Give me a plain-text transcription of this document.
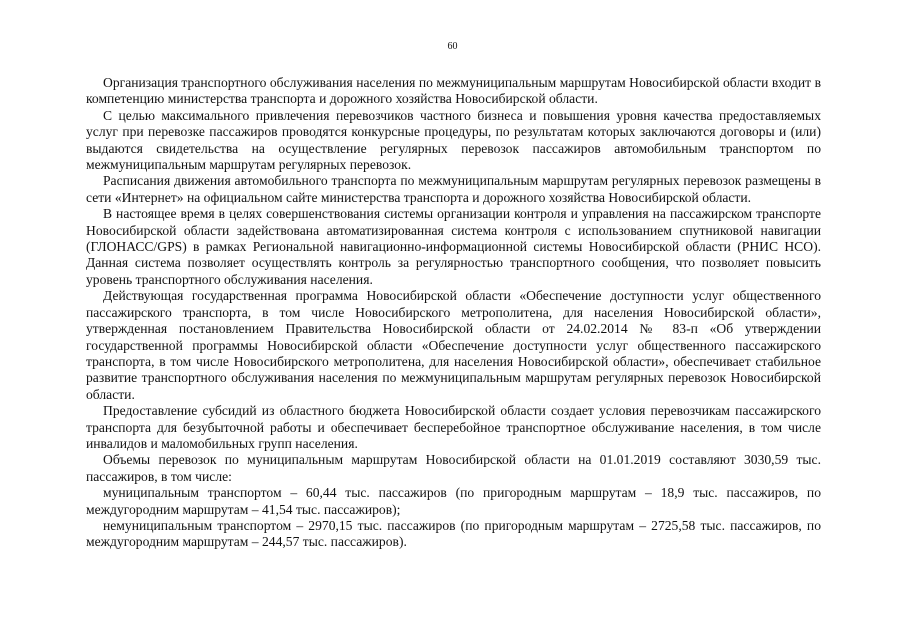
60

Организация транспортного обслуживания населения по межмуниципальным маршрутам Новосибирской области входит в компетенцию министерства транспорта и дорожного хозяйства Новосибирской области.

С целью максимального привлечения перевозчиков частного бизнеса и повышения уровня качества предоставляемых услуг при перевозке пассажиров проводятся конкурсные процедуры, по результатам которых заключаются договоры и (или) выдаются свидетельства на осуществление регулярных перевозок пассажиров автомобильным транспортом по межмуниципальным маршрутам регулярных перевозок.

Расписания движения автомобильного транспорта по межмуниципальным маршрутам регулярных перевозок размещены в сети «Интернет» на официальном сайте министерства транспорта и дорожного хозяйства Новосибирской области.

В настоящее время в целях совершенствования системы организации контроля и управления на пассажирском транспорте Новосибирской области задействована автоматизированная система контроля с использованием спутниковой навигации (ГЛОНАСС/GPS) в рамках Региональной навигационно-информационной системы Новосибирской области (РНИС НСО). Данная система позволяет осуществлять контроль за регулярностью транспортного сообщения, что позволяет повысить уровень транспортного обслуживания населения.

Действующая государственная программа Новосибирской области «Обеспечение доступности услуг общественного пассажирского транспорта, в том числе Новосибирского метрополитена, для населения Новосибирской области», утвержденная постановлением Правительства Новосибирской области от 24.02.2014 № 83-п «Об утверждении государственной программы Новосибирской области «Обеспечение доступности услуг общественного пассажирского транспорта, в том числе Новосибирского метрополитена, для населения Новосибирской области», обеспечивает стабильное развитие транспортного обслуживания населения по межмуниципальным маршрутам регулярных перевозок Новосибирской области.

Предоставление субсидий из областного бюджета Новосибирской области создает условия перевозчикам пассажирского транспорта для безубыточной работы и обеспечивает бесперебойное транспортное обслуживание населения, в том числе инвалидов и маломобильных групп населения.

Объемы перевозок по муниципальным маршрутам Новосибирской области на 01.01.2019 составляют 3030,59 тыс. пассажиров, в том числе:

муниципальным транспортом – 60,44 тыс. пассажиров (по пригородным маршрутам – 18,9 тыс. пассажиров, по междугородним маршрутам – 41,54 тыс. пассажиров);

немуниципальным транспортом – 2970,15 тыс. пассажиров (по пригородным маршрутам – 2725,58 тыс. пассажиров, по междугородним маршрутам – 244,57 тыс. пассажиров).
